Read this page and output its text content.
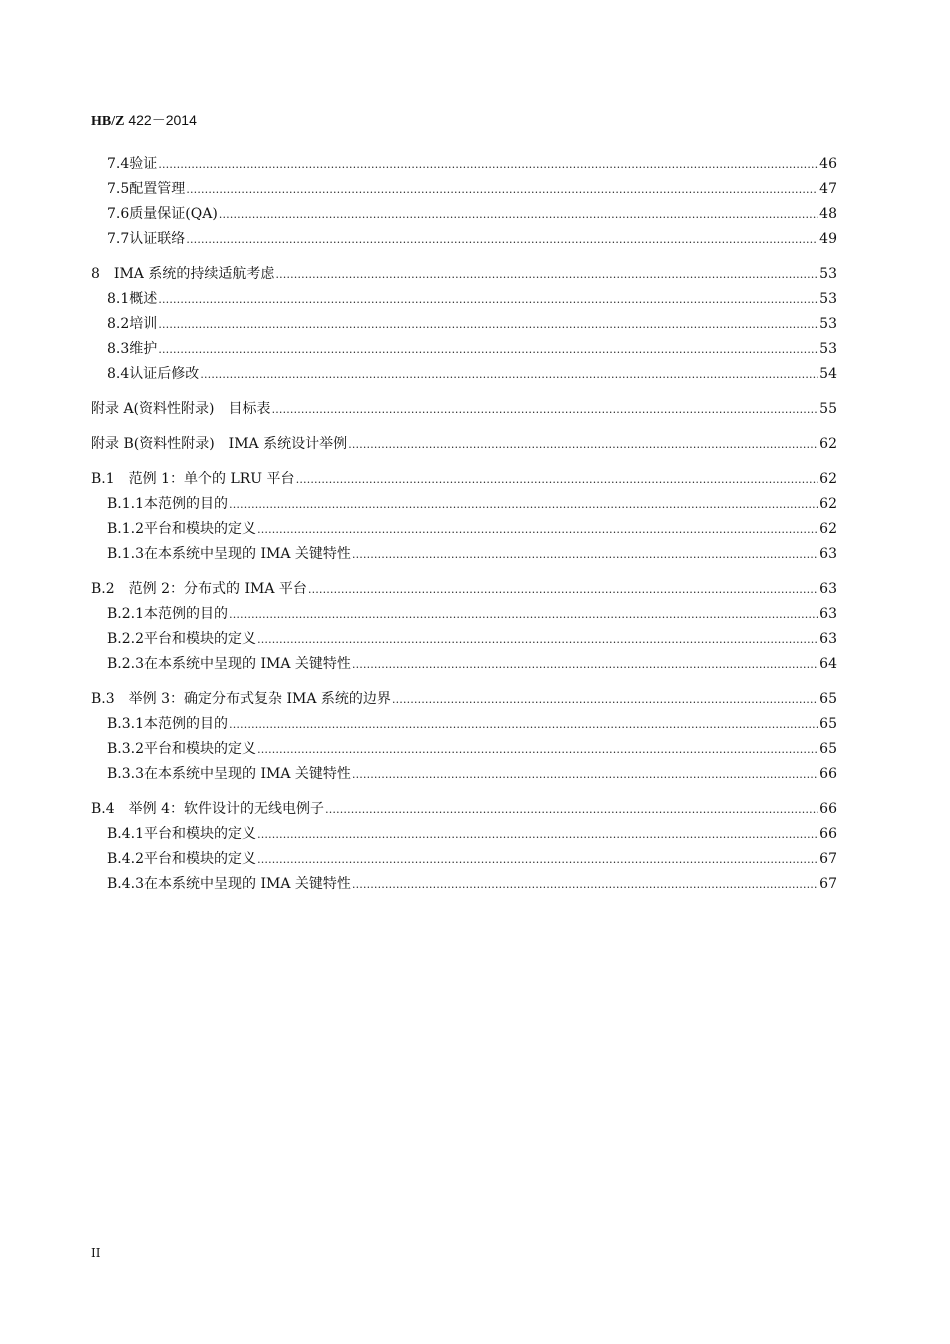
HB/Z 422－2014
7.4 验证 ……………………………………………………………………………………………………………………………………………………………………………………………………………………………………………………………………………………………………	46
7.5 配置管理 ……………………………………………………………………………………………………………………………………………………………………………………………………………………………………………………………………………………………………	47
7.6 质量保证(QA) ……………………………………………………………………………………………………………………………………………………………………………………………………………………………………………………………………………………………………	48
7.7 认证联络 ……………………………………………………………………………………………………………………………………………………………………………………………………………………………………………………………………………………………………	49
8 IMA 系统的持续适航考虑 ……………………………………………………………………………………………………………………………………………………………………………………………………………………………………………………………………………………………………	53
8.1 概述 ……………………………………………………………………………………………………………………………………………………………………………………………………………………………………………………………………………………………………	53
8.2 培训 ……………………………………………………………………………………………………………………………………………………………………………………………………………………………………………………………………………………………………	53
8.3 维护 ……………………………………………………………………………………………………………………………………………………………………………………………………………………………………………………………………………………………………	53
8.4 认证后修改 ……………………………………………………………………………………………………………………………………………………………………………………………………………………………………………………………………………………………………	54
附录 A(资料性附录) 目标表 ……………………………………………………………………………………………………………………………………………………………………………………………………………………………………………………………………………………………………	55
附录 B(资料性附录) IMA 系统设计举例 ……………………………………………………………………………………………………………………………………………………………………………………………………………………………………………………………………………………………………	62
B.1 范例 1：单个的 LRU 平台 ……………………………………………………………………………………………………………………………………………………………………………………………………………………………………………………………………………………………………	62
B.1.1 本范例的目的 ……………………………………………………………………………………………………………………………………………………………………………………………………………………………………………………………………………………………………	62
B.1.2 平台和模块的定义 ……………………………………………………………………………………………………………………………………………………………………………………………………………………………………………………………………………………………………	62
B.1.3 在本系统中呈现的 IMA 关键特性 ……………………………………………………………………………………………………………………………………………………………………………………………………………………………………………………………………………………………………	63
B.2 范例 2：分布式的 IMA 平台 ……………………………………………………………………………………………………………………………………………………………………………………………………………………………………………………………………………………………………	63
B.2.1 本范例的目的 ……………………………………………………………………………………………………………………………………………………………………………………………………………………………………………………………………………………………………	63
B.2.2 平台和模块的定义 ……………………………………………………………………………………………………………………………………………………………………………………………………………………………………………………………………………………………………	63
B.2.3 在本系统中呈现的 IMA 关键特性 ……………………………………………………………………………………………………………………………………………………………………………………………………………………………………………………………………………………………………	64
B.3 举例 3：确定分布式复杂 IMA 系统的边界 ……………………………………………………………………………………………………………………………………………………………………………………………………………………………………………………………………………………………………	65
B.3.1 本范例的目的 ……………………………………………………………………………………………………………………………………………………………………………………………………………………………………………………………………………………………………	65
B.3.2 平台和模块的定义 ……………………………………………………………………………………………………………………………………………………………………………………………………………………………………………………………………………………………………	65
B.3.3 在本系统中呈现的 IMA 关键特性 ……………………………………………………………………………………………………………………………………………………………………………………………………………………………………………………………………………………………………	66
B.4 举例 4：软件设计的无线电例子 ……………………………………………………………………………………………………………………………………………………………………………………………………………………………………………………………………………………………………	66
B.4.1 平台和模块的定义 ……………………………………………………………………………………………………………………………………………………………………………………………………………………………………………………………………………………………………	66
B.4.2 平台和模块的定义 ……………………………………………………………………………………………………………………………………………………………………………………………………………………………………………………………………………………………………	67
B.4.3 在本系统中呈现的 IMA 关键特性 ……………………………………………………………………………………………………………………………………………………………………………………………………………………………………………………………………………………………………	67
II
